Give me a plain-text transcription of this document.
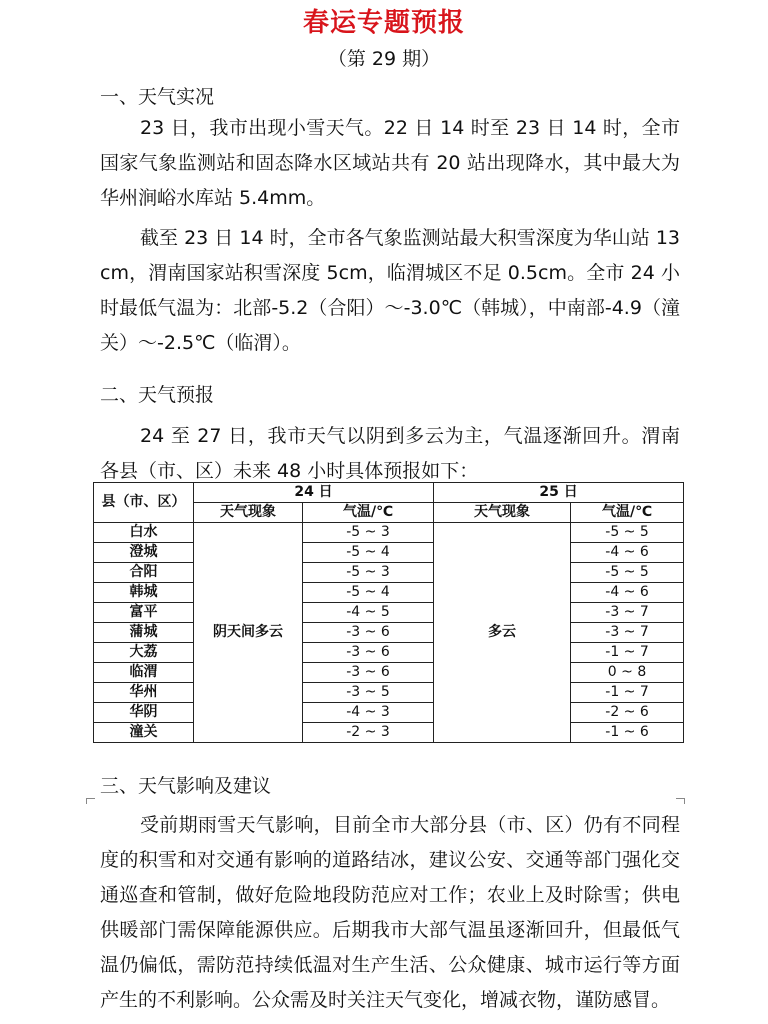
春运专题预报
（第 29 期）
一、天气实况

23 日，我市出现小雪天气。22 日 14 时至 23 日 14 时，全市国家气象监测站和固态降水区域站共有 20 站出现降水，其中最大为华州涧峪水库站 5.4mm。

截至 23 日 14 时，全市各气象监测站最大积雪深度为华山站 13cm，渭南国家站积雪深度 5cm，临渭城区不足 0.5cm。全市 24 小时最低气温为：北部-5.2（合阳）～-3.0℃（韩城），中南部-4.9（潼关）～-2.5℃（临渭）。

二、天气预报

24 至 27 日，我市天气以阴到多云为主，气温逐渐回升。渭南各县（市、区）未来 48 小时具体预报如下：

县（市、区）	24 日		25 日	
	天气现象	气温/℃	天气现象	气温/℃
白水	阴天间多云	-5 ~ 3	多云	-5 ~ 5
澄城		-5 ~ 4		-4 ~ 6
合阳		-5 ~ 3		-5 ~ 5
韩城		-5 ~ 4		-4 ~ 6
富平		-4 ~ 5		-3 ~ 7
蒲城		-3 ~ 6		-3 ~ 7
大荔		-3 ~ 6		-1 ~ 7
临渭		-3 ~ 6		0 ~ 8
华州		-3 ~ 5		-1 ~ 7
华阴		-4 ~ 3		-2 ~ 6
潼关		-2 ~ 3		-1 ~ 6
三、天气影响及建议

受前期雨雪天气影响，目前全市大部分县（市、区）仍有不同程度的积雪和对交通有影响的道路结冰，建议公安、交通等部门强化交通巡查和管制，做好危险地段防范应对工作；农业上及时除雪；供电供暖部门需保障能源供应。后期我市大部气温虽逐渐回升，但最低气温仍偏低，需防范持续低温对生产生活、公众健康、城市运行等方面产生的不利影响。公众需及时关注天气变化，增减衣物，谨防感冒。
